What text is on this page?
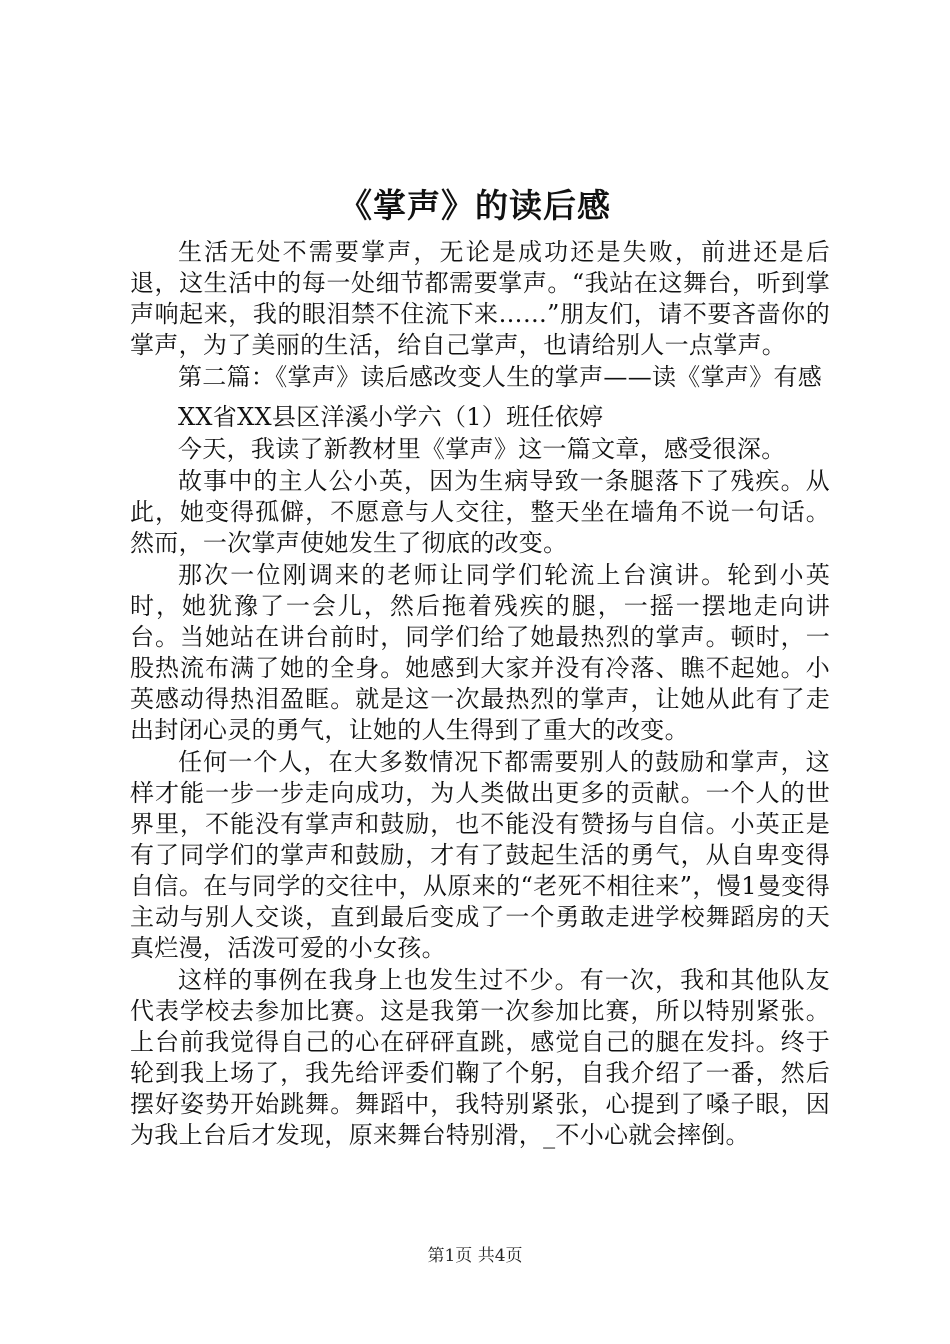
《掌声》的读后感

生活无处不需要掌声，无论是成功还是失败，前进还是后退，这生活中的每一处细节都需要掌声。“我站在这舞台，听到掌声响起来，我的眼泪禁不住流下来……”朋友们，请不要吝啬你的掌声，为了美丽的生活，给自己掌声，也请给别人一点掌声。

第二篇：《掌声》读后感改变人生的掌声——读《掌声》有感

XX省XX县区洋溪小学六（1）班任依婷

今天，我读了新教材里《掌声》这一篇文章，感受很深。

故事中的主人公小英，因为生病导致一条腿落下了残疾。从此，她变得孤僻，不愿意与人交往，整天坐在墙角不说一句话。然而，一次掌声使她发生了彻底的改变。

那次一位刚调来的老师让同学们轮流上台演讲。轮到小英时，她犹豫了一会儿，然后拖着残疾的腿，一摇一摆地走向讲台。当她站在讲台前时，同学们给了她最热烈的掌声。顿时，一股热流布满了她的全身。她感到大家并没有冷落、瞧不起她。小英感动得热泪盈眶。就是这一次最热烈的掌声，让她从此有了走出封闭心灵的勇气，让她的人生得到了重大的改变。

任何一个人，在大多数情况下都需要别人的鼓励和掌声，这样才能一步一步走向成功，为人类做出更多的贡献。一个人的世界里，不能没有掌声和鼓励，也不能没有赞扬与自信。小英正是有了同学们的掌声和鼓励，才有了鼓起生活的勇气，从自卑变得自信。在与同学的交往中，从原来的“老死不相往来”，慢1曼变得主动与别人交谈，直到最后变成了一个勇敢走进学校舞蹈房的天真烂漫，活泼可爱的小女孩。

这样的事例在我身上也发生过不少。有一次，我和其他队友代表学校去参加比赛。这是我第一次参加比赛，所以特别紧张。上台前我觉得自己的心在砰砰直跳，感觉自己的腿在发抖。终于轮到我上场了，我先给评委们鞠了个躬，自我介绍了一番，然后摆好姿势开始跳舞。舞蹈中，我特别紧张，心提到了嗓子眼，因为我上台后才发现，原来舞台特别滑，_不小心就会摔倒。

第1页 共4页
